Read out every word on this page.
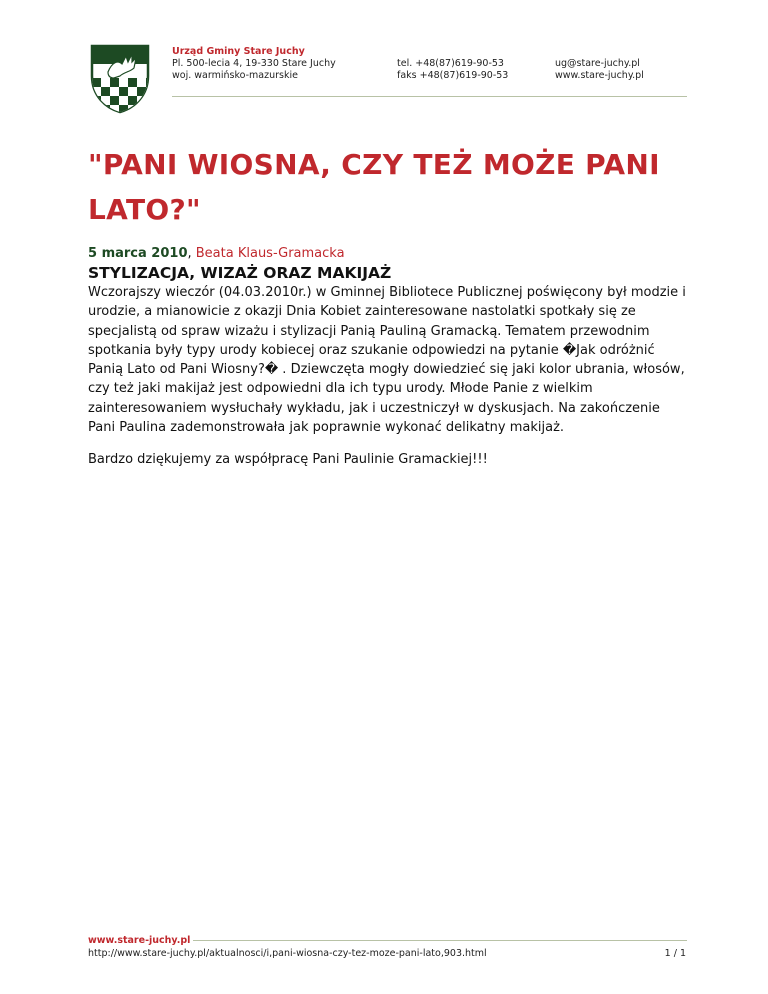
Urząd Gminy Stare Juchy
Pl. 500-lecia 4, 19-330 Stare Juchy
woj. warmińsko-mazurskie
tel. +48(87)619-90-53
faks +48(87)619-90-53
ug@stare-juchy.pl
www.stare-juchy.pl
"PANI WIOSNA, CZY TEŻ MOŻE PANI LATO?"
5 marca 2010, Beata Klaus-Gramacka
STYLIZACJA, WIZAŻ ORAZ MAKIJAŻ

Wczorajszy wieczór (04.03.2010r.) w Gminnej Bibliotece Publicznej poświęcony był modzie i urodzie, a mianowicie z okazji Dnia Kobiet zainteresowane nastolatki spotkały się ze specjalistą od spraw wizażu i stylizacji Panią Pauliną Gramacką. Tematem przewodnim spotkania były typy urody kobiecej oraz szukanie odpowiedzi na pytanie �Jak odróżnić Panią Lato od Pani Wiosny?� . Dziewczęta mogły dowiedzieć się jaki kolor ubrania, włosów, czy też jaki makijaż jest odpowiedni dla ich typu urody. Młode Panie z wielkim zainteresowaniem wysłuchały wykładu, jak i uczestniczył w dyskusjach. Na zakończenie Pani Paulina zademonstrowała jak poprawnie wykonać delikatny makijaż.

Bardzo dziękujemy za współpracę Pani Paulinie Gramackiej!!!

www.stare-juchy.pl
http://www.stare-juchy.pl/aktualnosci/i,pani-wiosna-czy-tez-moze-pani-lato,903.html	1 / 1
